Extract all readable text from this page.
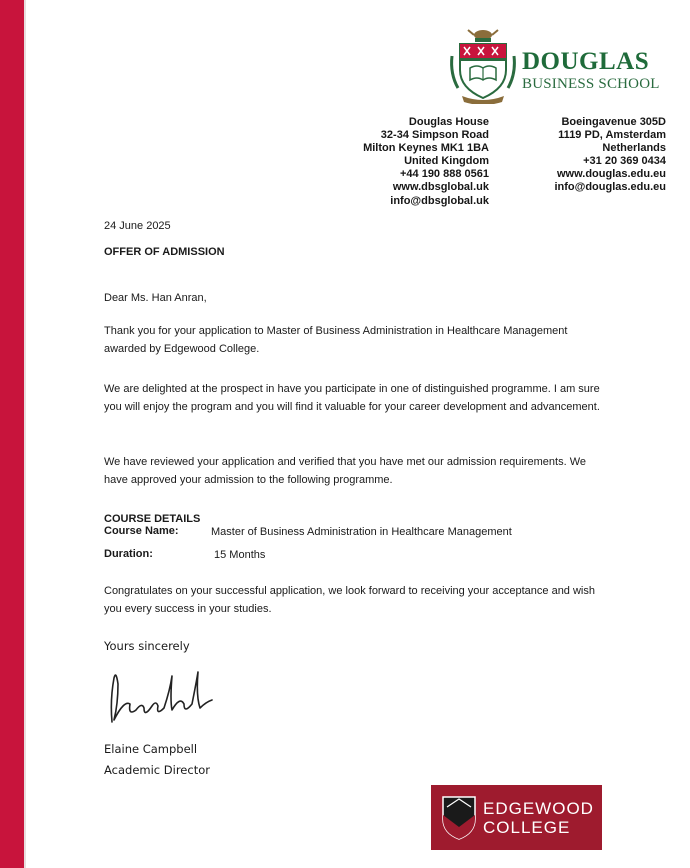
DOUGLAS
BUSINESS SCHOOL
Douglas House
32-34 Simpson Road
Milton Keynes MK1 1BA
United Kingdom
+44 190 888 0561
www.dbsglobal.uk
info@dbsglobal.uk
Boeingavenue 305D
1119 PD, Amsterdam
Netherlands
+31 20 369 0434
www.douglas.edu.eu
info@douglas.edu.eu
24 June 2025
OFFER OF ADMISSION
Dear Ms. Han Anran,
Thank you for your application to Master of Business Administration in Healthcare Management awarded by Edgewood College.
We are delighted at the prospect in have you participate in one of distinguished programme. I am sure you will enjoy the program and you will find it valuable for your career development and advancement.
We have reviewed your application and verified that you have met our admission requirements. We have approved your admission to the following programme.
COURSE DETAILS
Course Name:	Master of Business Administration in Healthcare Management
Duration:	15 Months
Congratulates on your successful application, we look forward to receiving your acceptance and wish you every success in your studies.
Yours sincerely
Elaine Campbell
Academic Director
EDGEWOOD
COLLEGE
